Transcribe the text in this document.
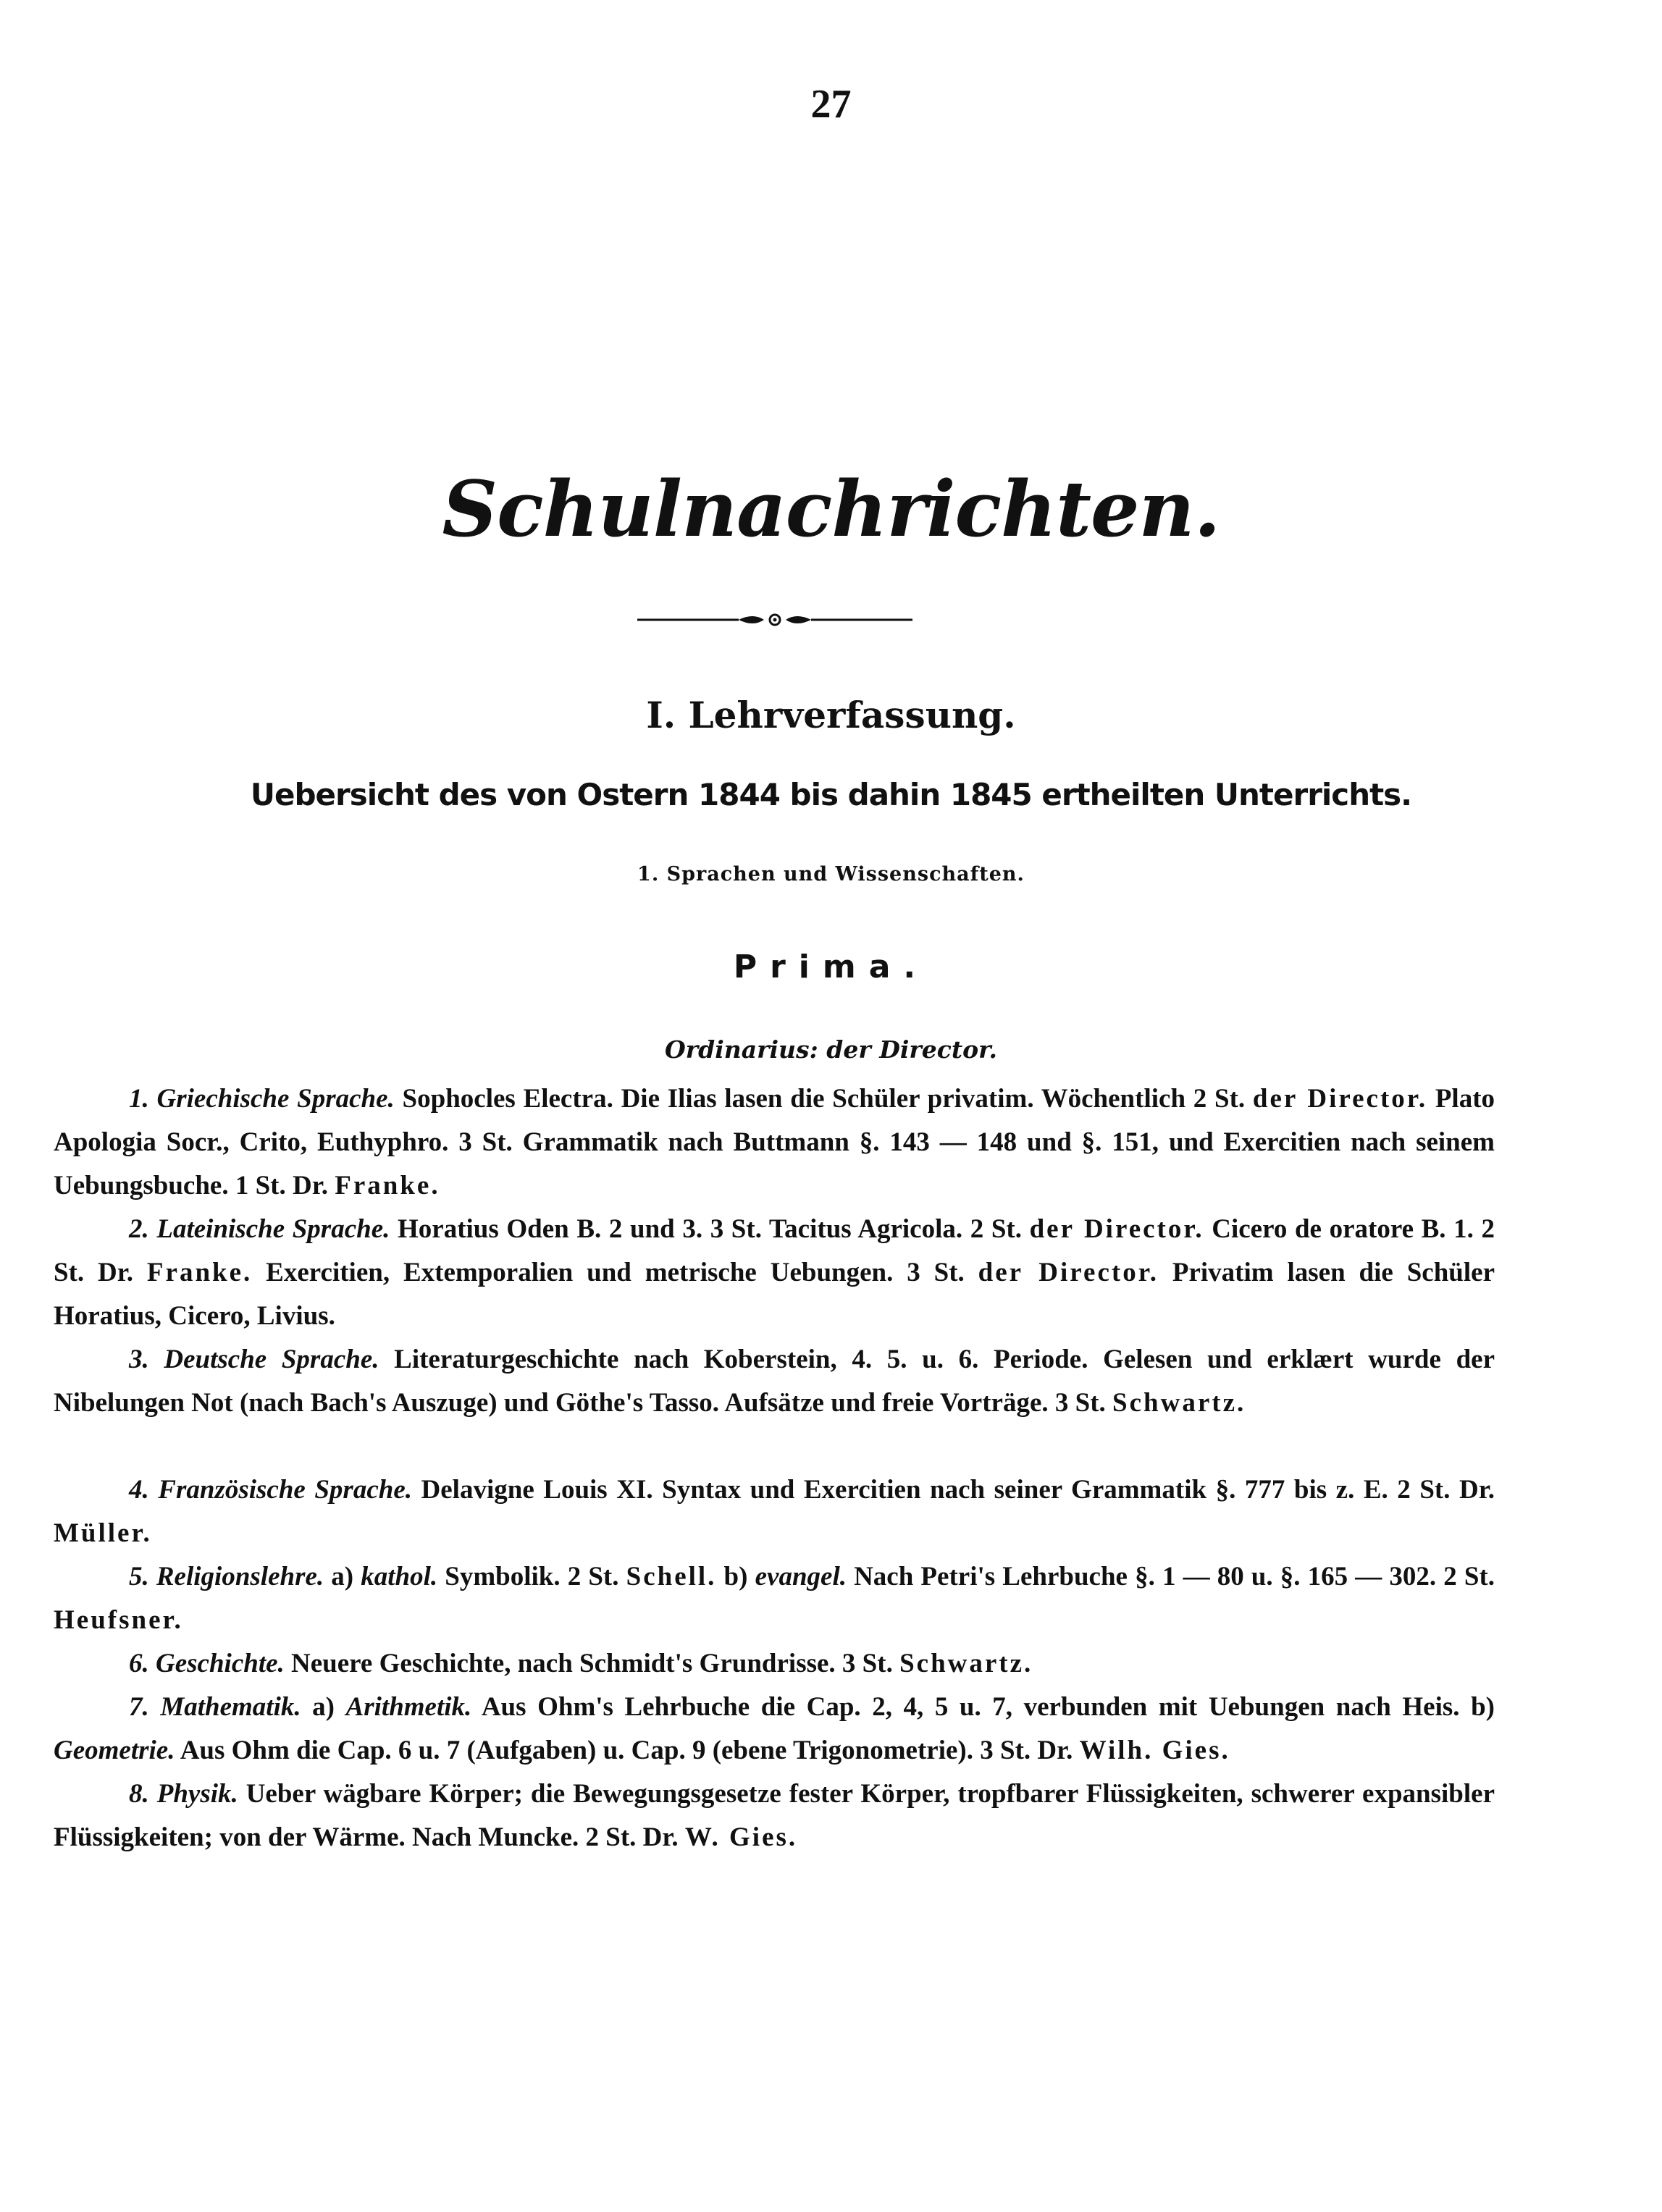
27
Schulnachrichten.
I. Lehrverfassung.
Uebersicht des von Ostern 1844 bis dahin 1845 ertheilten Unterrichts.
1. Sprachen und Wissenschaften.
Prima.
Ordinarius: der Director.

1. Griechische Sprache. Sophocles Electra. Die Ilias lasen die Schüler privatim. Wöchentlich 2 St. der Director. Plato Apologia Socr., Crito, Euthyphro. 3 St. Grammatik nach Buttmann §. 143 — 148 und §. 151, und Exercitien nach seinem Uebungsbuche. 1 St. Dr. Franke.

2. Lateinische Sprache. Horatius Oden B. 2 und 3. 3 St. Tacitus Agricola. 2 St. der Director. Cicero de oratore B. 1. 2 St. Dr. Franke. Exercitien, Extemporalien und metrische Uebungen. 3 St. der Director. Privatim lasen die Schüler Horatius, Cicero, Livius.

3. Deutsche Sprache. Literaturgeschichte nach Koberstein, 4. 5. u. 6. Periode. Gelesen und erklært wurde der Nibelungen Not (nach Bach's Auszuge) und Göthe's Tasso. Aufsätze und freie Vorträge. 3 St. Schwartz.

4. Französische Sprache. Delavigne Louis XI. Syntax und Exercitien nach seiner Grammatik §. 777 bis z. E. 2 St. Dr. Müller.

5. Religionslehre. a) kathol. Symbolik. 2 St. Schell. b) evangel. Nach Petri's Lehrbuche §. 1 — 80 u. §. 165 — 302. 2 St. Heufsner.

6. Geschichte. Neuere Geschichte, nach Schmidt's Grundrisse. 3 St. Schwartz.

7. Mathematik. a) Arithmetik. Aus Ohm's Lehrbuche die Cap. 2, 4, 5 u. 7, verbunden mit Uebungen nach Heis. b) Geometrie. Aus Ohm die Cap. 6 u. 7 (Aufgaben) u. Cap. 9 (ebene Trigonometrie). 3 St. Dr. Wilh. Gies.

8. Physik. Ueber wägbare Körper; die Bewegungsgesetze fester Körper, tropfbarer Flüssigkeiten, schwerer expansibler Flüssigkeiten; von der Wärme. Nach Muncke. 2 St. Dr. W. Gies.
